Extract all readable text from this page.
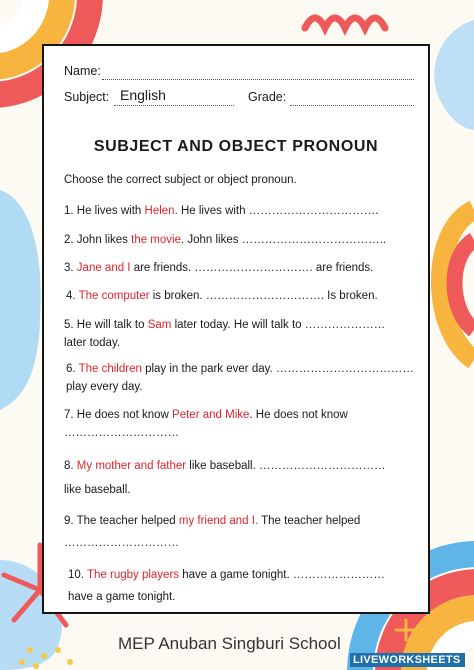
Name:
Subject: English	Grade:
SUBJECT AND OBJECT PRONOUN
Choose the correct subject or object pronoun.
1. He lives with Helen. He lives with …………………………….
2. John likes the movie. John likes ………………………………..
3. Jane and I are friends. …………………………. are friends.
4. The computer is broken. …………………………. Is broken.
5. He will talk to Sam later today. He will talk to …………………
later today.
6. The children play in the park ever day. ………………………………
play every day.
7. He does not know Peter and Mike. He does not know
…………………………
8. My mother and father like baseball. ……………………………
like baseball.
9. The teacher helped my friend and I. The teacher helped
…………………………
10. The rugby players have a game tonight. ……………………
have a game tonight.
MEP Anuban Singburi School
LIVEWORKSHEETS
